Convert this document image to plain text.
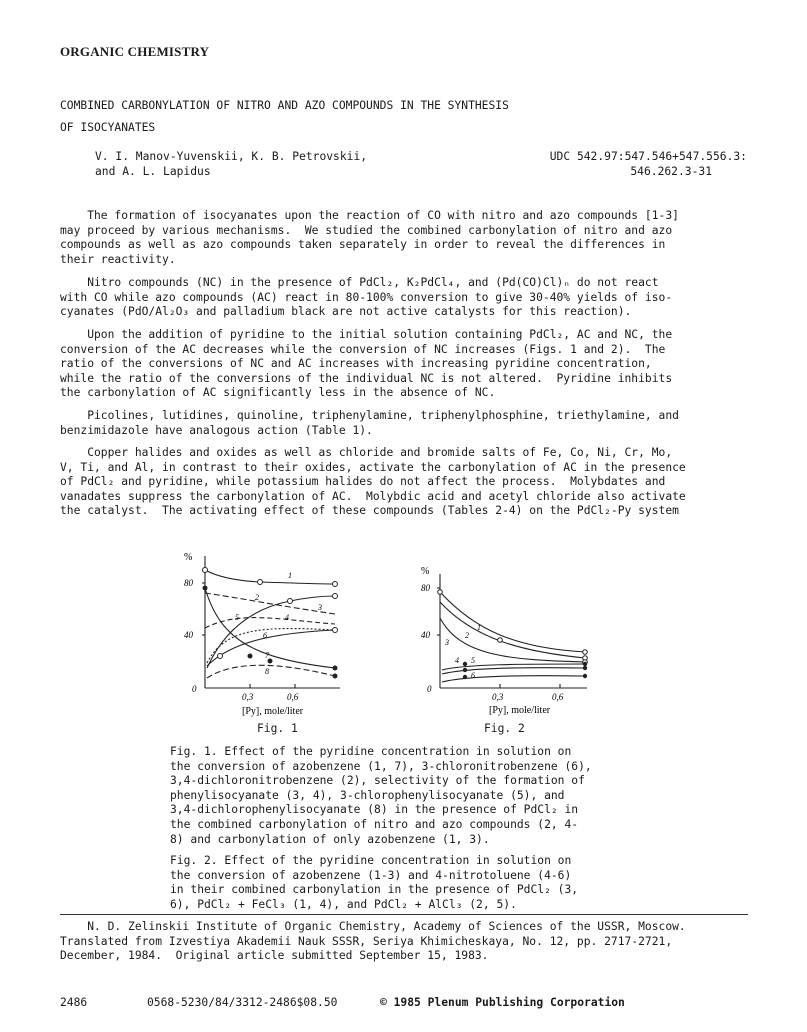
ORGANIC CHEMISTRY
COMBINED CARBONYLATION OF NITRO AND AZO COMPOUNDS IN THE SYNTHESIS
OF ISOCYANATES
V. I. Manov-Yuvenskii, K. B. Petrovskii,
and A. L. Lapidus
UDC 542.97:547.546+547.556.3:
546.262.3-31
The formation of isocyanates upon the reaction of CO with nitro and azo compounds [1-3]
may proceed by various mechanisms.  We studied the combined carbonylation of nitro and azo
compounds as well as azo compounds taken separately in order to reveal the differences in
their reactivity.
Nitro compounds (NC) in the presence of PdCl₂, K₂PdCl₄, and (Pd(CO)Cl)ₙ do not react
with CO while azo compounds (AC) react in 80-100% conversion to give 30-40% yields of iso-
cyanates (PdO/Al₂O₃ and palladium black are not active catalysts for this reaction).
Upon the addition of pyridine to the initial solution containing PdCl₂, AC and NC, the
conversion of the AC decreases while the conversion of NC increases (Figs. 1 and 2).  The
ratio of the conversions of NC and AC increases with increasing pyridine concentration,
while the ratio of the conversions of the individual NC is not altered.  Pyridine inhibits
the carbonylation of AC significantly less in the absence of NC.
Picolines, lutidines, quinoline, triphenylamine, triphenylphosphine, triethylamine, and
benzimidazole have analogous action (Table 1).
Copper halides and oxides as well as chloride and bromide salts of Fe, Co, Ni, Cr, Mo,
V, Ti, and Al, in contrast to their oxides, activate the carbonylation of AC in the presence
of PdCl₂ and pyridine, while potassium halides do not affect the process.  Molybdates and
vanadates suppress the carbonylation of AC.  Molybdic acid and acetyl chloride also activate
the catalyst.  The activating effect of these compounds (Tables 2-4) on the PdCl₂-Py system
%
80
40
0
0,3	0,6
[Py], mole/liter
1
2
3
4
5
6
7
8
Fig. 1
%
80
40
0
0,3	0,6
[Py], mole/liter
1
2
3
4 5
6
Fig. 2
Fig. 1. Effect of the pyridine concentration in solution on
the conversion of azobenzene (1, 7), 3-chloronitrobenzene (6),
3,4-dichloronitrobenzene (2), selectivity of the formation of
phenylisocyanate (3, 4), 3-chlorophenylisocyanate (5), and
3,4-dichlorophenylisocyanate (8) in the presence of PdCl₂ in
the combined carbonylation of nitro and azo compounds (2, 4-
8) and carbonylation of only azobenzene (1, 3).
Fig. 2. Effect of the pyridine concentration in solution on
the conversion of azobenzene (1-3) and 4-nitrotoluene (4-6)
in their combined carbonylation in the presence of PdCl₂ (3,
6), PdCl₂ + FeCl₃ (1, 4), and PdCl₂ + AlCl₃ (2, 5).
N. D. Zelinskii Institute of Organic Chemistry, Academy of Sciences of the USSR, Moscow.
Translated from Izvestiya Akademii Nauk SSSR, Seriya Khimicheskaya, No. 12, pp. 2717-2721,
December, 1984.  Original article submitted September 15, 1983.
2486	0568-5230/84/3312-2486$08.50	© 1985 Plenum Publishing Corporation
